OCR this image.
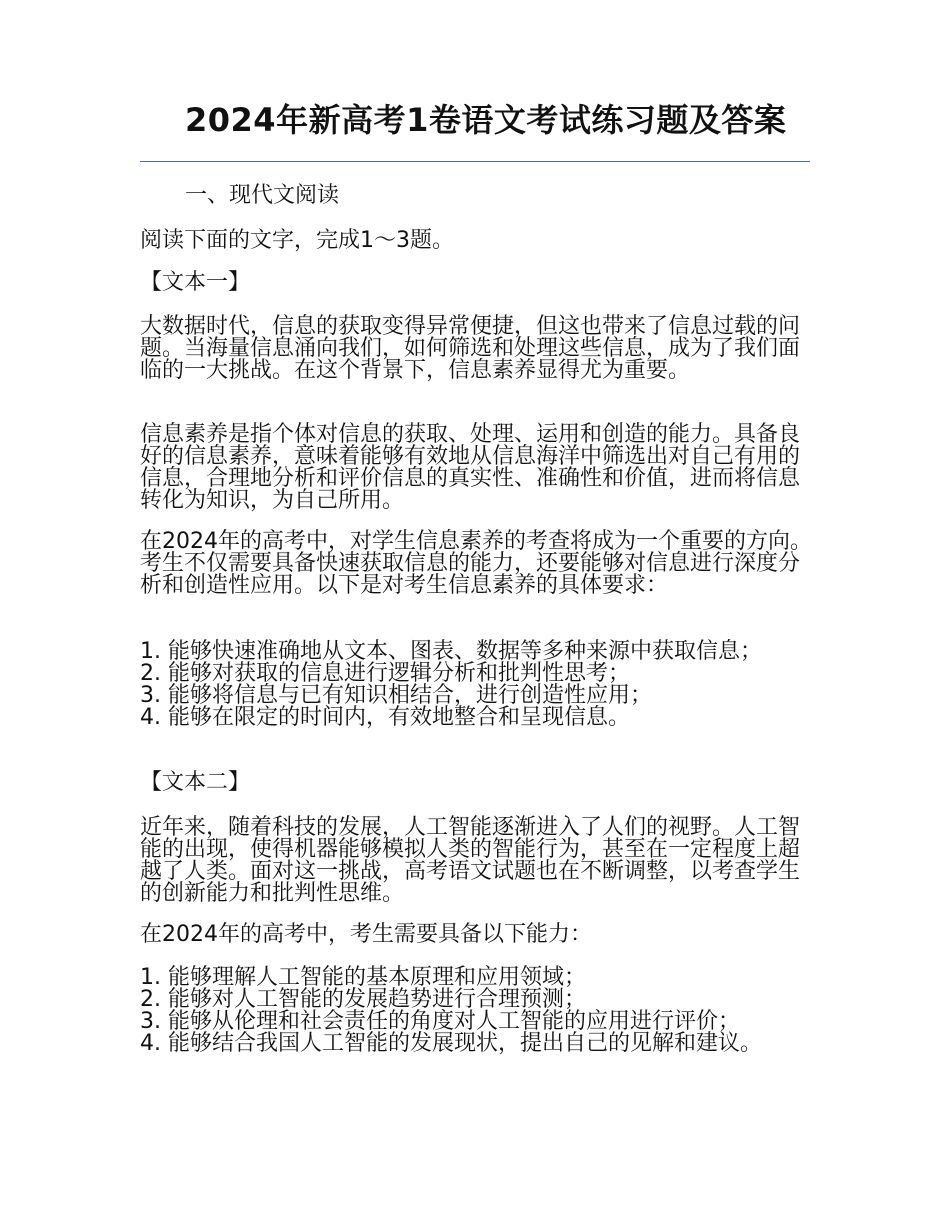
2024年新高考1卷语文考试练习题及答案
一、现代文阅读
阅读下面的文字，完成1～3题。
【文本一】
大数据时代，信息的获取变得异常便捷，但这也带来了信息过载的问题。当海量信息涌向我们，如何筛选和处理这些信息，成为了我们面临的一大挑战。在这个背景下，信息素养显得尤为重要。
信息素养是指个体对信息的获取、处理、运用和创造的能力。具备良好的信息素养，意味着能够有效地从信息海洋中筛选出对自己有用的信息，合理地分析和评价信息的真实性、准确性和价值，进而将信息转化为知识，为自己所用。
在2024年的高考中，对学生信息素养的考查将成为一个重要的方向。考生不仅需要具备快速获取信息的能力，还要能够对信息进行深度分析和创造性应用。以下是对考生信息素养的具体要求：
1. 能够快速准确地从文本、图表、数据等多种来源中获取信息；
2. 能够对获取的信息进行逻辑分析和批判性思考；
3. 能够将信息与已有知识相结合，进行创造性应用；
4. 能够在限定的时间内，有效地整合和呈现信息。
【文本二】
近年来，随着科技的发展，人工智能逐渐进入了人们的视野。人工智能的出现，使得机器能够模拟人类的智能行为，甚至在一定程度上超越了人类。面对这一挑战，高考语文试题也在不断调整，以考查学生的创新能力和批判性思维。
在2024年的高考中，考生需要具备以下能力：
1. 能够理解人工智能的基本原理和应用领域；
2. 能够对人工智能的发展趋势进行合理预测；
3. 能够从伦理和社会责任的角度对人工智能的应用进行评价；
4. 能够结合我国人工智能的发展现状，提出自己的见解和建议。
